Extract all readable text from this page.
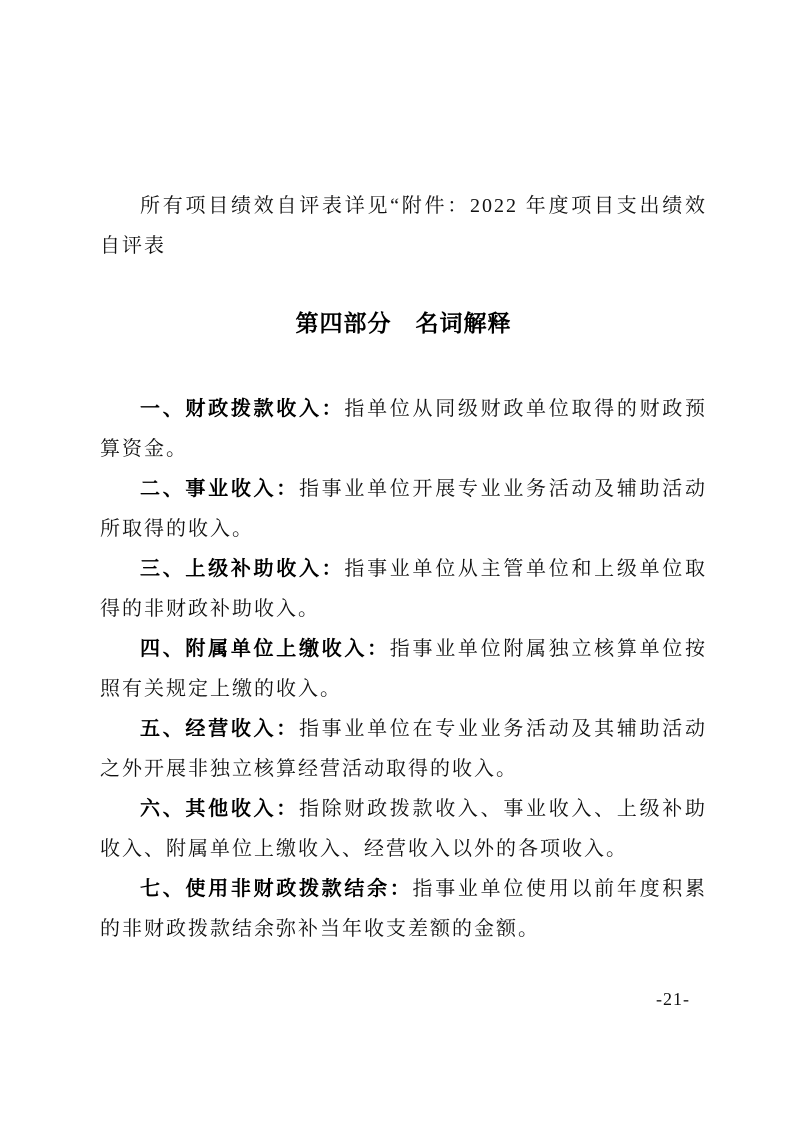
所有项目绩效自评表详见“附件：2022 年度项目支出绩效自评表

第四部分　名词解释

一、财政拨款收入：指单位从同级财政单位取得的财政预算资金。

二、事业收入：指事业单位开展专业业务活动及辅助活动所取得的收入。

三、上级补助收入：指事业单位从主管单位和上级单位取得的非财政补助收入。

四、附属单位上缴收入：指事业单位附属独立核算单位按照有关规定上缴的收入。

五、经营收入：指事业单位在专业业务活动及其辅助活动之外开展非独立核算经营活动取得的收入。

六、其他收入：指除财政拨款收入、事业收入、上级补助收入、附属单位上缴收入、经营收入以外的各项收入。

七、使用非财政拨款结余：指事业单位使用以前年度积累的非财政拨款结余弥补当年收支差额的金额。

-21-
